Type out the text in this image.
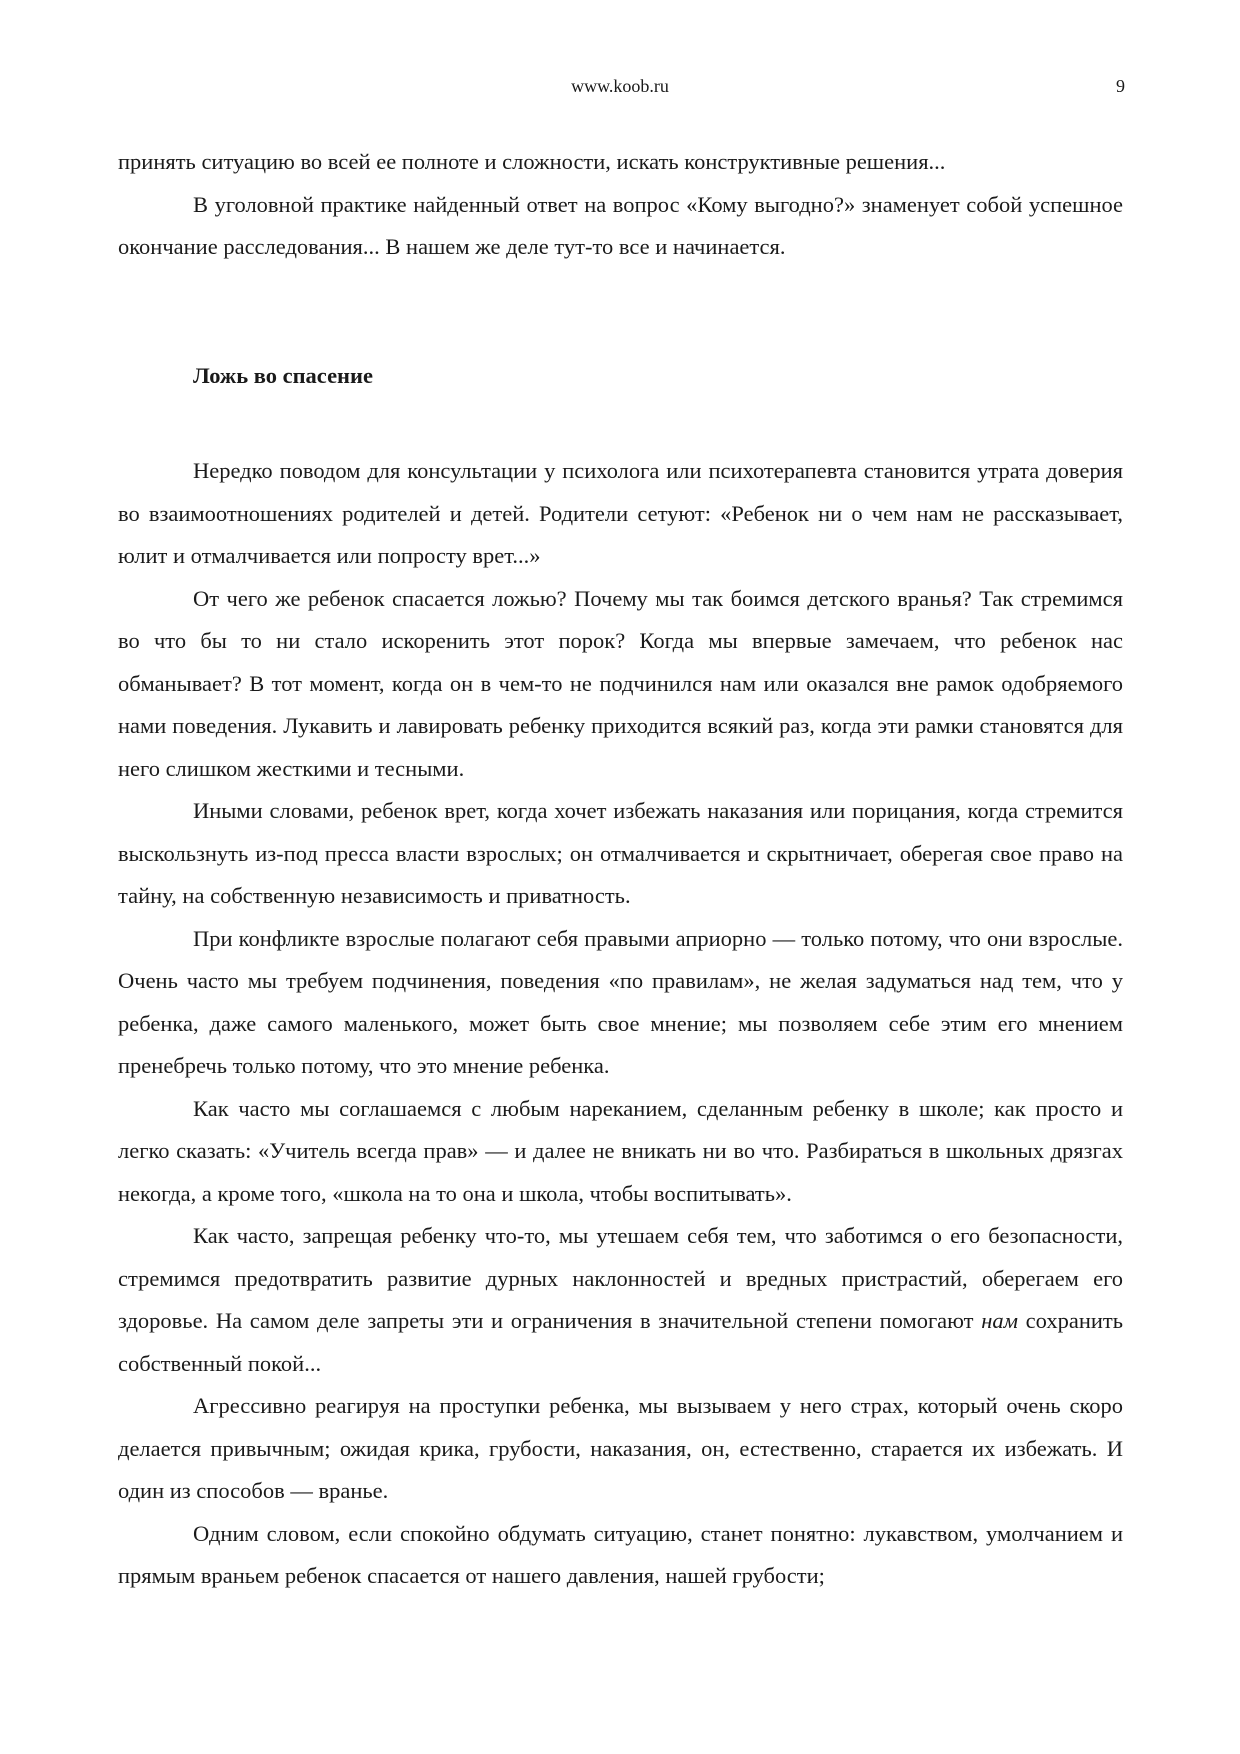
www.koob.ru	9

принять ситуацию во всей ее полноте и сложности, искать конструктивные решения...

В уголовной практике найденный ответ на вопрос «Кому выгодно?» знаменует собой успешное окончание расследования... В нашем же деле тут-то все и начинается.

Ложь во спасение

Нередко поводом для консультации у психолога или психотерапевта становится утрата доверия во взаимоотношениях родителей и детей. Родители сетуют: «Ребенок ни о чем нам не рассказывает, юлит и отмалчивается или попросту врет...»

От чего же ребенок спасается ложью? Почему мы так боимся детского вранья? Так стремимся во что бы то ни стало искоренить этот порок? Когда мы впервые замечаем, что ребенок нас обманывает? В тот момент, когда он в чем-то не подчинился нам или оказался вне рамок одобряемого нами поведения. Лукавить и лавировать ребенку приходится всякий раз, когда эти рамки становятся для него слишком жесткими и тесными.

Иными словами, ребенок врет, когда хочет избежать наказания или порицания, когда стремится выскользнуть из-под пресса власти взрослых; он отмалчивается и скрытничает, оберегая свое право на тайну, на собственную независимость и приватность.

При конфликте взрослые полагают себя правыми априорно — только потому, что они взрослые. Очень часто мы требуем подчинения, поведения «по правилам», не желая задуматься над тем, что у ребенка, даже самого маленького, может быть свое мнение; мы позволяем себе этим его мнением пренебречь только потому, что это мнение ребенка.

Как часто мы соглашаемся с любым нареканием, сделанным ребенку в школе; как просто и легко сказать: «Учитель всегда прав» — и далее не вникать ни во что. Разбираться в школьных дрязгах некогда, а кроме того, «школа на то она и школа, чтобы воспитывать».

Как часто, запрещая ребенку что-то, мы утешаем себя тем, что заботимся о его безопасности, стремимся предотвратить развитие дурных наклонностей и вредных пристрастий, оберегаем его здоровье. На самом деле запреты эти и ограничения в значительной степени помогают нам сохранить собственный покой...

Агрессивно реагируя на проступки ребенка, мы вызываем у него страх, который очень скоро делается привычным; ожидая крика, грубости, наказания, он, естественно, старается их избежать. И один из способов — вранье.

Одним словом, если спокойно обдумать ситуацию, станет понятно: лукавством, умолчанием и прямым враньем ребенок спасается от нашего давления, нашей грубости;
